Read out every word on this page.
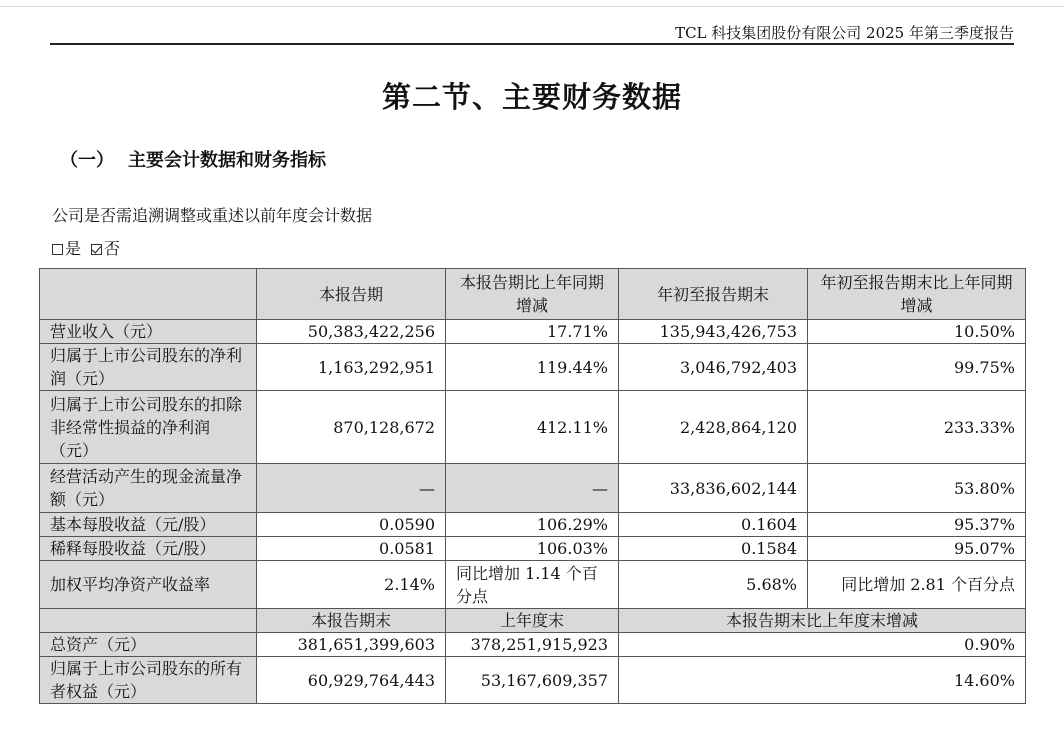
TCL 科技集团股份有限公司 2025 年第三季度报告
第二节、主要财务数据
（一） 主要会计数据和财务指标
公司是否需追溯调整或重述以前年度会计数据
是 否
	本报告期	本报告期比上年同期增减	年初至报告期末	年初至报告期末比上年同期增减
营业收入（元）	50,383,422,256	17.71%	135,943,426,753	10.50%
归属于上市公司股东的净利润（元）	1,163,292,951	119.44%	3,046,792,403	99.75%
归属于上市公司股东的扣除非经常性损益的净利润（元）	870,128,672	412.11%	2,428,864,120	233.33%
经营活动产生的现金流量净额（元）	—	—	33,836,602,144	53.80%
基本每股收益（元/股）	0.0590	106.29%	0.1604	95.37%
稀释每股收益（元/股）	0.0581	106.03%	0.1584	95.07%
加权平均净资产收益率	2.14%	同比增加 1.14 个百分点	5.68%	同比增加 2.81 个百分点
	本报告期末	上年度末	本报告期末比上年度末增减	
总资产（元）	381,651,399,603	378,251,915,923	0.90%	
归属于上市公司股东的所有者权益（元）	60,929,764,443	53,167,609,357	14.60%	
